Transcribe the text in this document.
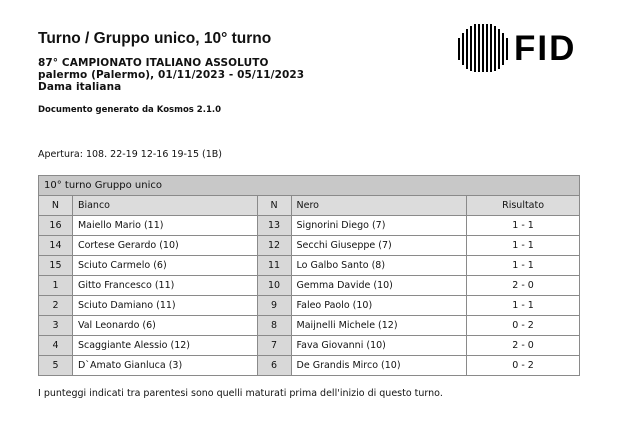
Turno / Gruppo unico, 10° turno
87° CAMPIONATO ITALIANO ASSOLUTO
palermo (Palermo), 01/11/2023 - 05/11/2023
Dama italiana
Documento generato da Kosmos 2.1.0
FID
Apertura: 108. 22-19 12-16 19-15 (1B)
10° turno Gruppo unico				
N	Bianco	N	Nero	Risultato
16	Maiello Mario (11)	13	Signorini Diego (7)	1 - 1
14	Cortese Gerardo (10)	12	Secchi Giuseppe (7)	1 - 1
15	Sciuto Carmelo (6)	11	Lo Galbo Santo (8)	1 - 1
1	Gitto Francesco (11)	10	Gemma Davide (10)	2 - 0
2	Sciuto Damiano (11)	9	Faleo Paolo (10)	1 - 1
3	Val Leonardo (6)	8	Maijnelli Michele (12)	0 - 2
4	Scaggiante Alessio (12)	7	Fava Giovanni (10)	2 - 0
5	D`Amato Gianluca (3)	6	De Grandis Mirco (10)	0 - 2
I punteggi indicati tra parentesi sono quelli maturati prima dell'inizio di questo turno.
